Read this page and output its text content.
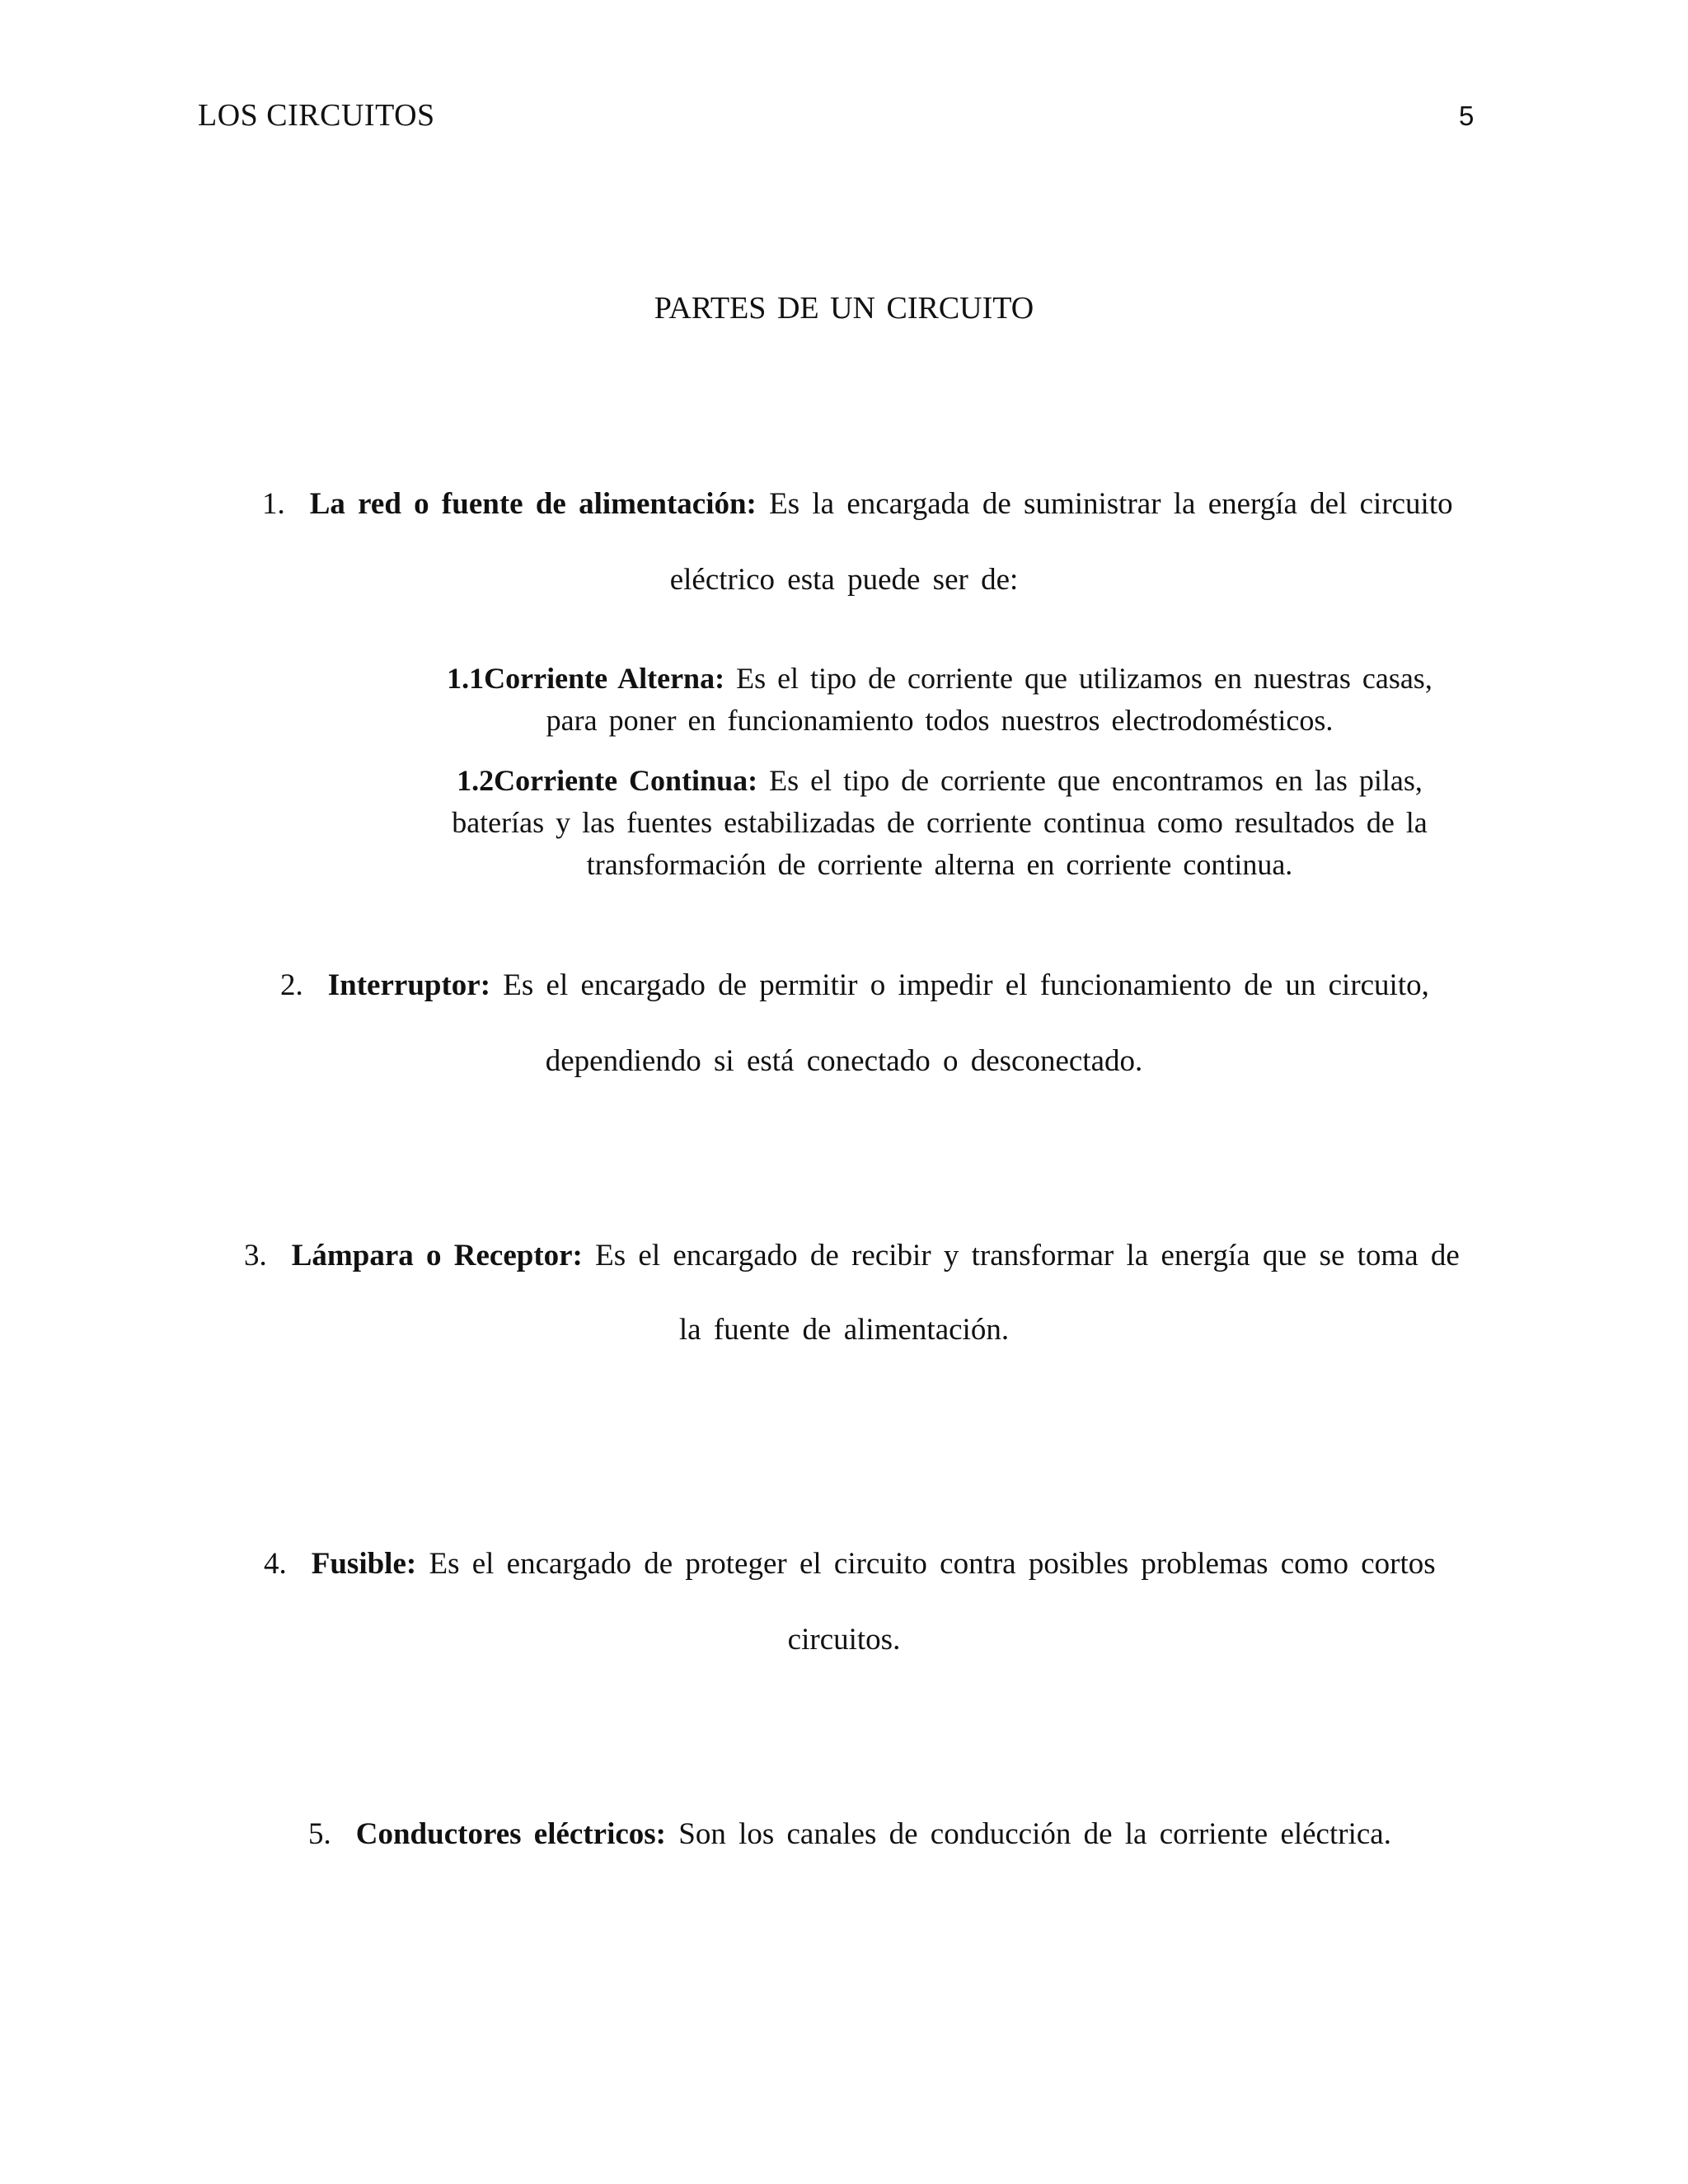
LOS CIRCUITOS	5
PARTES DE UN CIRCUITO
1. La red o fuente de alimentación: Es la encargada de suministrar la energía del circuito
eléctrico esta puede ser de:
1.1Corriente Alterna: Es el tipo de corriente que utilizamos en nuestras casas,
para poner en funcionamiento todos nuestros electrodomésticos.
1.2Corriente Continua: Es el tipo de corriente que encontramos en las pilas,
baterías y las fuentes estabilizadas de corriente continua como resultados de la
transformación de corriente alterna en corriente continua.
2. Interruptor: Es el encargado de permitir o impedir el funcionamiento de un circuito,
dependiendo si está conectado o desconectado.
3. Lámpara o Receptor: Es el encargado de recibir y transformar la energía que se toma de
la fuente de alimentación.
4. Fusible: Es el encargado de proteger el circuito contra posibles problemas como cortos
circuitos.
5. Conductores eléctricos: Son los canales de conducción de la corriente eléctrica.
